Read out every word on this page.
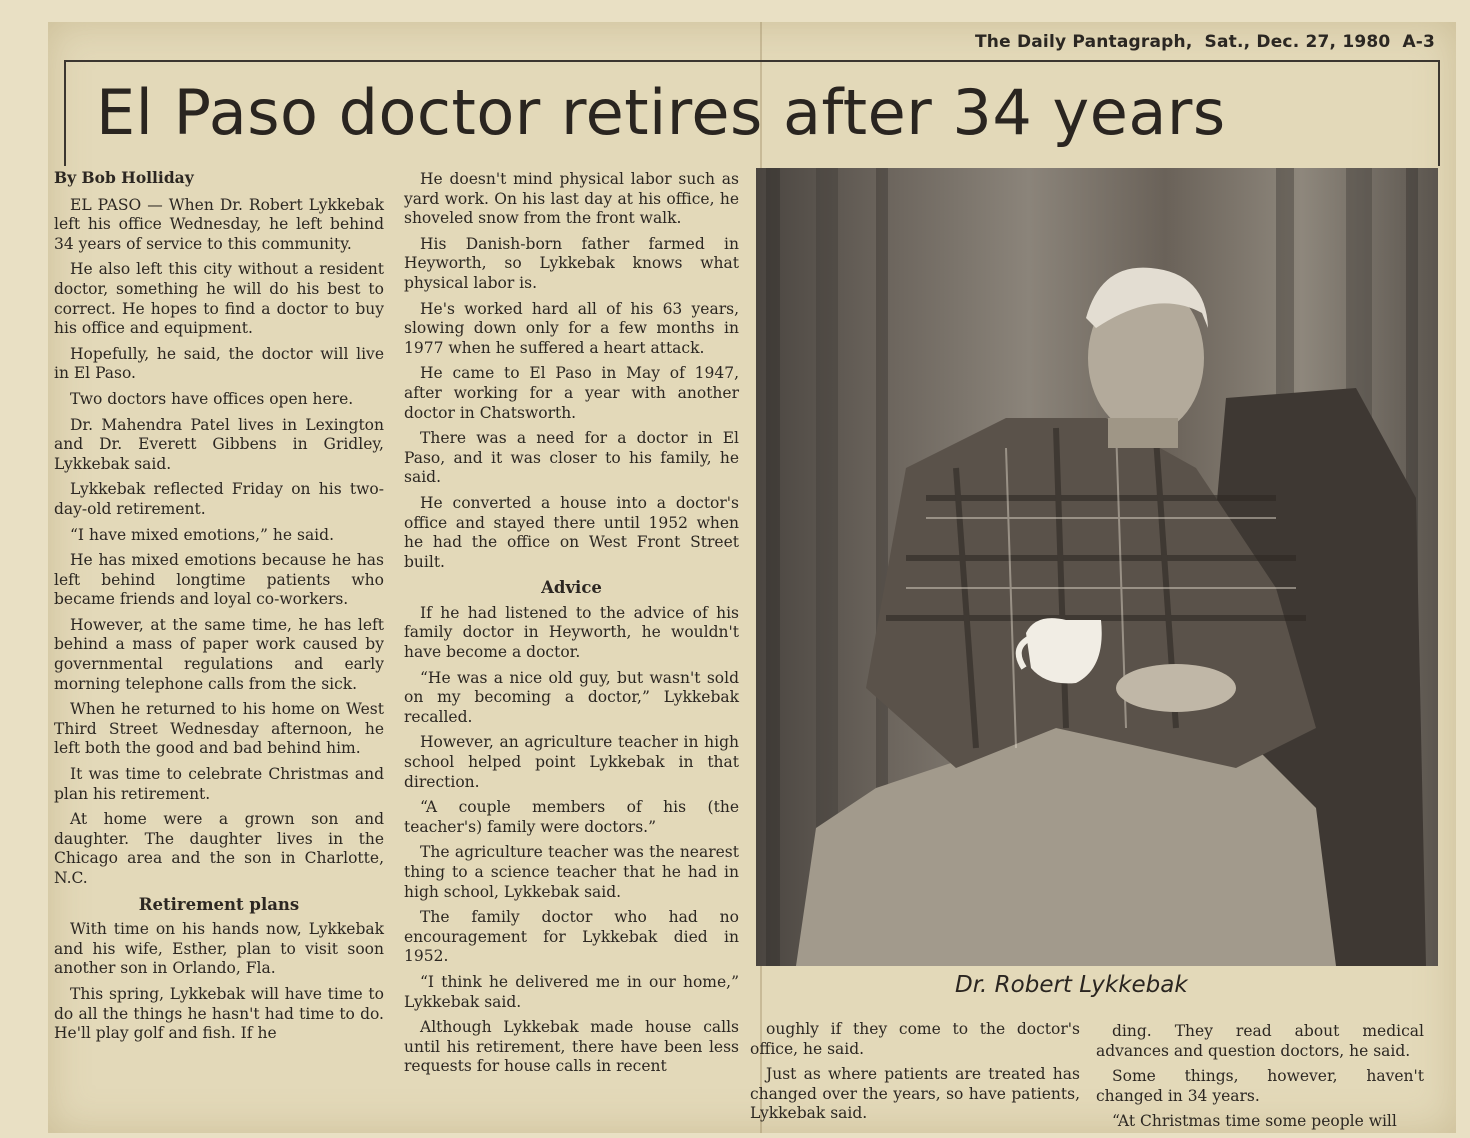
The Daily Pantagraph, Sat., Dec. 27, 1980 A-3
El Paso doctor retires after 34 years

By Bob Holliday

EL PASO — When Dr. Robert Lykkebak left his office Wednesday, he left behind 34 years of service to this community.

He also left this city without a resident doctor, something he will do his best to correct. He hopes to find a doctor to buy his office and equipment.

Hopefully, he said, the doctor will live in El Paso.

Two doctors have offices open here.

Dr. Mahendra Patel lives in Lexington and Dr. Everett Gibbens in Gridley, Lykkebak said.

Lykkebak reflected Friday on his two-day-old retirement.

“I have mixed emotions,” he said.

He has mixed emotions because he has left behind longtime patients who became friends and loyal co-workers.

However, at the same time, he has left behind a mass of paper work caused by governmental regulations and early morning telephone calls from the sick.

When he returned to his home on West Third Street Wednesday afternoon, he left both the good and bad behind him.

It was time to celebrate Christmas and plan his retirement.

At home were a grown son and daughter. The daughter lives in the Chicago area and the son in Charlotte, N.C.

Retirement plans

With time on his hands now, Lykkebak and his wife, Esther, plan to visit soon another son in Orlando, Fla.

This spring, Lykkebak will have time to do all the things he hasn't had time to do. He'll play golf and fish. If he

He doesn't mind physical labor such as yard work. On his last day at his office, he shoveled snow from the front walk.

His Danish-born father farmed in Heyworth, so Lykkebak knows what physical labor is.

He's worked hard all of his 63 years, slowing down only for a few months in 1977 when he suffered a heart attack.

He came to El Paso in May of 1947, after working for a year with another doctor in Chatsworth.

There was a need for a doctor in El Paso, and it was closer to his family, he said.

He converted a house into a doctor's office and stayed there until 1952 when he had the office on West Front Street built.

Advice

If he had listened to the advice of his family doctor in Heyworth, he wouldn't have become a doctor.

“He was a nice old guy, but wasn't sold on my becoming a doctor,” Lykkebak recalled.

However, an agriculture teacher in high school helped point Lykkebak in that direction.

“A couple members of his (the teacher's) family were doctors.”

The agriculture teacher was the nearest thing to a science teacher that he had in high school, Lykkebak said.

The family doctor who had no encouragement for Lykkebak died in 1952.

“I think he delivered me in our home,” Lykkebak said.

Although Lykkebak made house calls until his retirement, there have been less requests for house calls in recent

Dr. Robert Lykkebak

oughly if they come to the doctor's office, he said.

Just as where patients are treated has changed over the years, so have patients, Lykkebak said.

ding. They read about medical advances and question doctors, he said.

Some things, however, haven't changed in 34 years.

“At Christmas time some people will
